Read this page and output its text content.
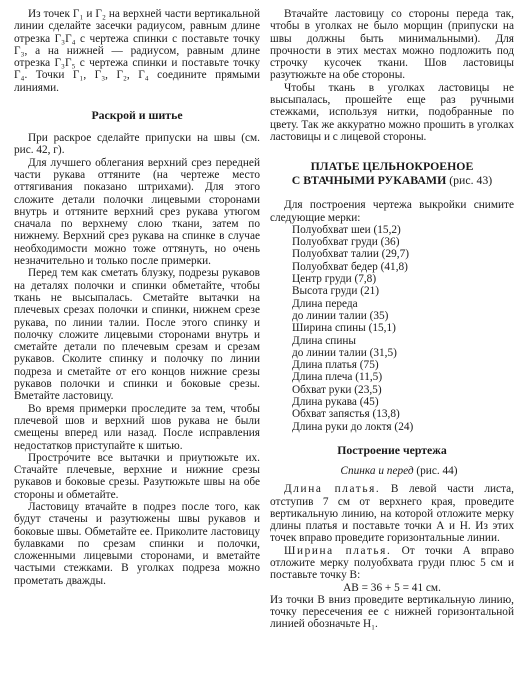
Из точек Г₁ и Г₂ на верхней части вертикальной линии сделайте засечки радиусом, равным длине отрезка Г₃Г₄ с чертежа спинки с поставьте точку Г₃, а на нижней — радиусом, равным длине отрезка Г₃Г₅ с чертежа спинки и поставьте точку Г₄. Точки Г₁, Г₃, Г₂, Г₄ соедините прямыми линиями.

Раскрой и шитье

При раскрое сделайте припуски на швы (см. рис. 42, г).

Для лучшего облегания верхний срез передней части рукава оттяните (на чертеже место оттягивания показано штрихами). Для этого сложите детали полочки лицевыми сторонами внутрь и оттяните верхний срез рукава утюгом сначала по верхнему слою ткани, затем по нижнему. Верхний срез рукава на спинке в случае необходимости можно тоже оттянуть, но очень незначительно и только после примерки.

Перед тем как сметать блузку, подрезы рукавов на деталях полочки и спинки обметайте, чтобы ткань не высыпалась. Сметайте вытачки на плечевых срезах полочки и спинки, нижнем срезе рукава, по линии талии. После этого спинку и полочку сложите лицевыми сторонами внутрь и сметайте детали по плечевым срезам и срезам рукавов. Сколите спинку и полочку по линии подреза и сметайте от его концов нижние срезы рукавов полочки и спинки и боковые срезы. Вметайте ластовицу.

Во время примерки проследите за тем, чтобы плечевой шов и верхний шов рукава не были смещены вперед или назад. После исправления недостатков приступайте к шитью.

Простро́чите все вытачки и приутюжьте их. Стачайте плечевые, верхние и нижние срезы рукавов и боковые срезы. Разутюжьте швы на обе стороны и обметайте.

Ластовицу втачайте в подрез после того, как будут стачены и разутюжены швы рукавов и боковые швы. Обметайте ее. Приколите ластовицу булавками по срезам спинки и полочки, сложенными лицевыми сторонами, и вметайте частыми стежками. В уголках подреза можно прометать дважды.

Втачайте ластовицу со стороны переда так, чтобы в уголках не было морщин (припуски на швы должны быть минимальными). Для прочности в этих местах можно подложить под строчку кусочек ткани. Шов ластовицы разутюжьте на обе стороны.

Чтобы ткань в уголках ластовицы не высыпалась, прошейте еще раз ручными стежками, используя нитки, подобранные по цвету. Так же аккуратно можно прошить в уголках ластовицы и с лицевой стороны.

ПЛАТЬЕ ЦЕЛЬНОКРОЕНОЕ
С ВТАЧНЫМИ РУКАВАМИ (рис. 43)

Для построения чертежа выкройки снимите следующие мерки:

Полуобхват шеи (15,2)
Полуобхват груди (36)
Полуобхват талии (29,7)
Полуобхват бедер (41,8)
Центр груди (7,8)
Высота груди (21)
Длина переда
до линии талии (35)
Ширина спины (15,1)
Длина спины
до линии талии (31,5)
Длина платья (75)
Длина плеча (11,5)
Обхват руки (23,5)
Длина рукава (45)
Обхват запястья (13,8)
Длина руки до локтя (24)
Построение чертежа

Спинка и перед (рис. 44)

Длина платья. В левой части листа, отступив 7 см от верхнего края, проведите вертикальную линию, на которой отложите мерку длины платья и поставьте точки А и Н. Из этих точек вправо проведите горизонтальные линии.

Ширина платья. От точки А вправо отложите мерку полуобхвата груди плюс 5 см и поставьте точку В:

АВ = 36 + 5 = 41 см.

Из точки В вниз проведите вертикальную линию, точку пересечения ее с нижней горизонтальной линией обозначьте Н₁.
